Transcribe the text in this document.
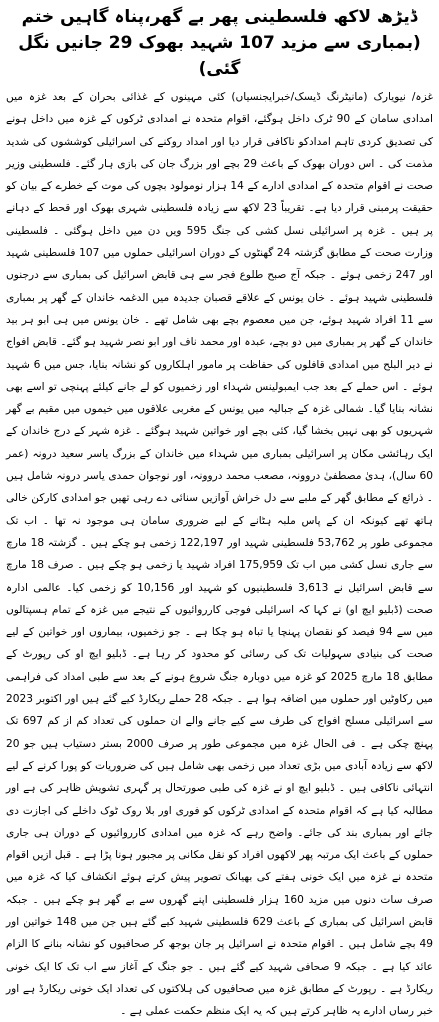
ڈیڑھ لاکھ فلسطینی پھر بے گھر،پناہ گاہیں ختم (بمباری سے مزید 107 شہید بھوک 29 جانیں نگل گئی)

غزہ/ نیویارک (مانیٹرنگ ڈیسک/خبرایجنسیاں) کئی مہینوں کے غذائی بحران کے بعد غزہ میں امدادی سامان کے 90 ٹرک داخل ہوگئے، اقوام متحدہ نے امدادی ٹرکوں کے غزہ میں داخل ہونے کی تصدیق کردی تاہم امدادکو ناکافی قرار دیا اور امداد روکنے کی اسرائیلی کوششوں کی شدید مذمت کی ۔ اس دوران بھوک کے باعث 29 بچے اور بزرگ جان کی بازی ہار گئے۔ فلسطینی وزیر صحت نے اقوام متحدہ کے امدادی ادارے کے 14 ہزار نومولود بچوں کی موت کے خطرے کے بیان کو حقیقت پرمبنی قرار دیا ہے۔ تقریباً 23 لاکھ سے زیادہ فلسطینی شہری بھوک اور قحط کے دہانے پر ہیں ۔ غزہ پر اسرائیلی نسل کشی کی جنگ 595 ویں دن میں داخل ہوگئی ۔ فلسطینی وزارت صحت کے مطابق گزشتہ 24 گھنٹوں کے دوران اسرائیلی حملوں میں 107 فلسطینی شہید اور 247 زخمی ہوئے ۔ جبکہ آج صبح طلوع فجر سے ہی قابض اسرائیل کی بمباری سے درجنوں فلسطینی شہید ہوئے ۔ خان یونس کے علاقے قصبان جدیدہ میں الدغمہ خاندان کے گھر پر بمباری سے 11 افراد شہید ہوئے، جن میں معصوم بچے بھی شامل تھے ۔ خان یونس میں ہی ابو ہر بید خاندان کے گھر پر بمباری میں دو بچے، عبدہ اور محمد ناف اور ابو نصر شہید ہو گئے۔ قابض افواج نے دیر البلح میں امدادی قافلوں کی حفاظت پر مامور اہلکاروں کو نشانہ بنایا، جس میں 6 شہید ہوئے ۔ اس حملے کے بعد جب ایمبولینس شہداء اور زخمیوں کو لے جانے کیلئے پہنچی تو اسے بھی نشانہ بنایا گیا۔ شمالی غزہ کے جبالیہ میں یونس کے مغربی علاقوں میں خیموں میں مقیم بے گھر شہریوں کو بھی نہیں بخشا گیا، کئی بچے اور خواتین شہید ہوگئے ۔ غزہ شہر کے درج خاندان کے ایک رہائشی مکان پر اسرائیلی بمباری میں شہداء میں خاندان کے بزرگ یاسر سعید درونہ (عمر 60 سال)، ہدیٰ مصطفیٰ دروونہ، مصعب محمد دروونہ، اور نوجوان حمدی یاسر درونہ شامل ہیں ۔ ذرائع کے مطابق گھر کے ملبے سے دل خراش آوازیں سنائی دے رہی تھیں جو امدادی کارکن خالی ہاتھ تھے کیونکہ ان کے پاس ملبہ ہٹانے کے لیے ضروری سامان ہی موجود نہ تھا ۔ اب تک مجموعی طور پر 53,762 فلسطینی شہید اور 122,197 زخمی ہو چکے ہیں ۔ گزشتہ 18 مارچ سے جاری نسل کشی میں اب تک 175,959 افراد شہید یا زخمی ہو چکے ہیں ۔ صرف 18 مارچ سے قابض اسرائیل نے 3,613 فلسطینیوں کو شہید اور 10,156 کو زخمی کیا۔ عالمی ادارہ صحت (ڈبلیو ایچ او) نے کہا کہ اسرائیلی فوجی کارروائیوں کے نتیجے میں غزہ کے تمام ہسپتالوں میں سے 94 فیصد کو نقصان پہنچا یا تباہ ہو چکا ہے ۔ جو زخمیوں، بیماروں اور خواتین کے لیے صحت کی بنیادی سہولیات تک کی رسائی کو محدود کر رہا ہے۔ ڈبلیو ایچ او کی رپورٹ کے مطابق 18 مارچ 2025 کو غزہ میں دوبارہ جنگ شروع ہونے کے بعد سے طبی امداد کی فراہمی میں رکاوٹیں اور حملوں میں اضافہ ہوا ہے ۔ جبکہ 28 حملے ریکارڈ کیے گئے ہیں اور اکتوبر 2023 سے اسرائیلی مسلح افواج کی طرف سے کیے جانے والے ان حملوں کی تعداد کم از کم 697 تک پہنچ چکی ہے ۔ فی الحال غزہ میں مجموعی طور پر صرف 2000 بستر دستیاب ہیں جو 20 لاکھ سے زیادہ آبادی میں بڑی تعداد میں زخمی بھی شامل ہیں کی ضروریات کو پورا کرنے کے لیے انتہائی ناکافی ہیں ۔ ڈبلیو ایچ او نے غزہ کی طبی صورتحال پر گہری تشویش ظاہر کی ہے اور مطالبہ کیا ہے کہ اقوام متحدہ کے امدادی ٹرکوں کو فوری اور بلا روک ٹوک داخلے کی اجازت دی جائے اور بمباری بند کی جائے۔ واضح رہے کہ غزہ میں امدادی کارروائیوں کے دوران ہی جاری حملوں کے باعث ایک مرتبہ پھر لاکھوں افراد کو نقل مکانی پر مجبور ہونا پڑا ہے ۔ قبل ازیں اقوام متحدہ نے غزہ میں ایک خونی ہفتے کی بھیانک تصویر پیش کرتے ہوئے انکشاف کیا کہ غزہ میں صرف سات دنوں میں مزید 160 ہزار فلسطینی اپنے گھروں سے بے گھر ہو چکے ہیں ۔ جبکہ قابض اسرائیل کی بمباری کے باعث 629 فلسطینی شہید کیے گئے ہیں جن میں 148 خواتین اور 49 بچے شامل ہیں ۔ اقوام متحدہ نے اسرائیل پر جان بوجھ کر صحافیوں کو نشانہ بنانے کا الزام عائد کیا ہے ۔ جبکہ 9 صحافی شہید کیے گئے ہیں ۔ جو جنگ کے آغاز سے اب تک کا ایک خونی ریکارڈ ہے ۔ رپورٹ کے مطابق غزہ میں صحافیوں کی ہلاکتوں کی تعداد ایک خونی ریکارڈ ہے اور خبر رساں ادارے یہ ظاہر کرتے ہیں کہ یہ ایک منظم حکمت عملی ہے ۔
